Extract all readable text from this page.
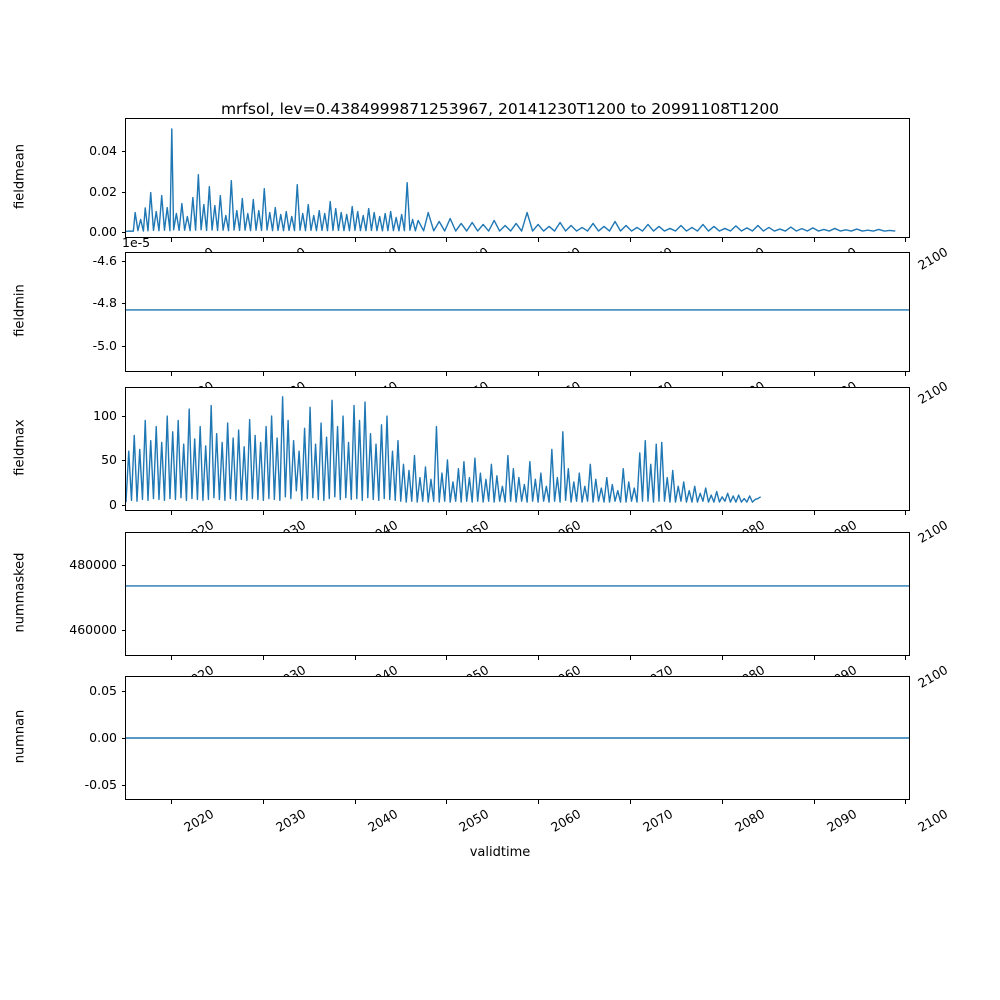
mrfsol, lev=0.4384999871253967, 20141230T1200 to 20991108T1200
0.00
0.02
0.04
2100
fieldmean
-5.0
-4.8
-4.6
1e-5
2100
fieldmin
0
50
100
2100
fieldmax
460000
480000
2100
nummasked
-0.05
0.00
0.05
2020	2030	2040	2050	2060	2070	2080	2090	2100
numnan
validtime
